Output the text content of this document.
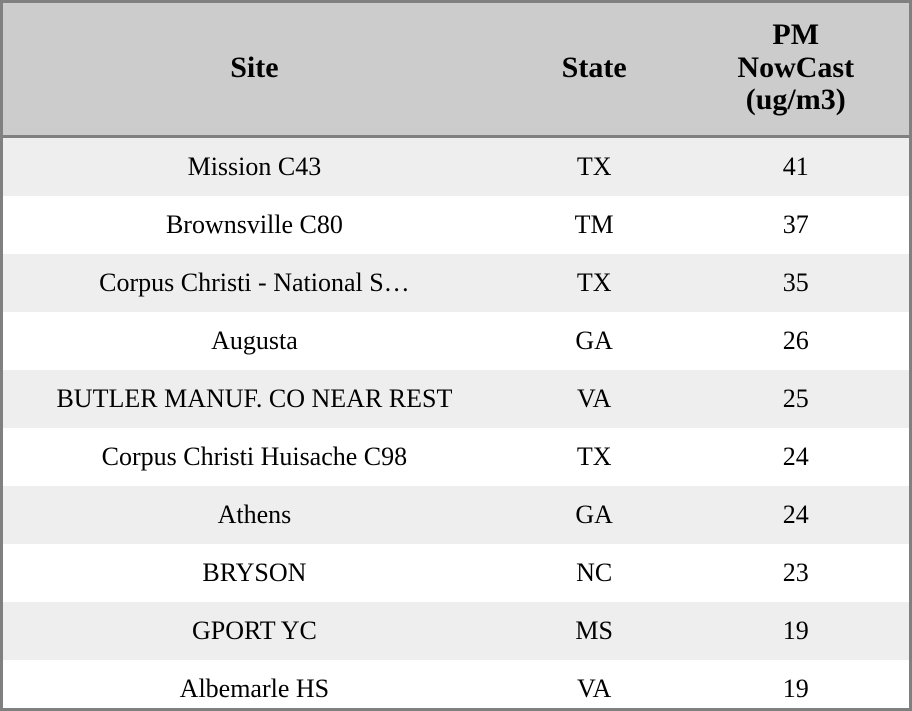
Site	State	PM
NowCast
(ug/m3)
Mission C43	TX	41
Brownsville C80	TM	37
Corpus Christi - National S…	TX	35
Augusta	GA	26
BUTLER MANUF. CO NEAR REST	VA	25
Corpus Christi Huisache C98	TX	24
Athens	GA	24
BRYSON	NC	23
GPORT YC	MS	19
Albemarle HS	VA	19
